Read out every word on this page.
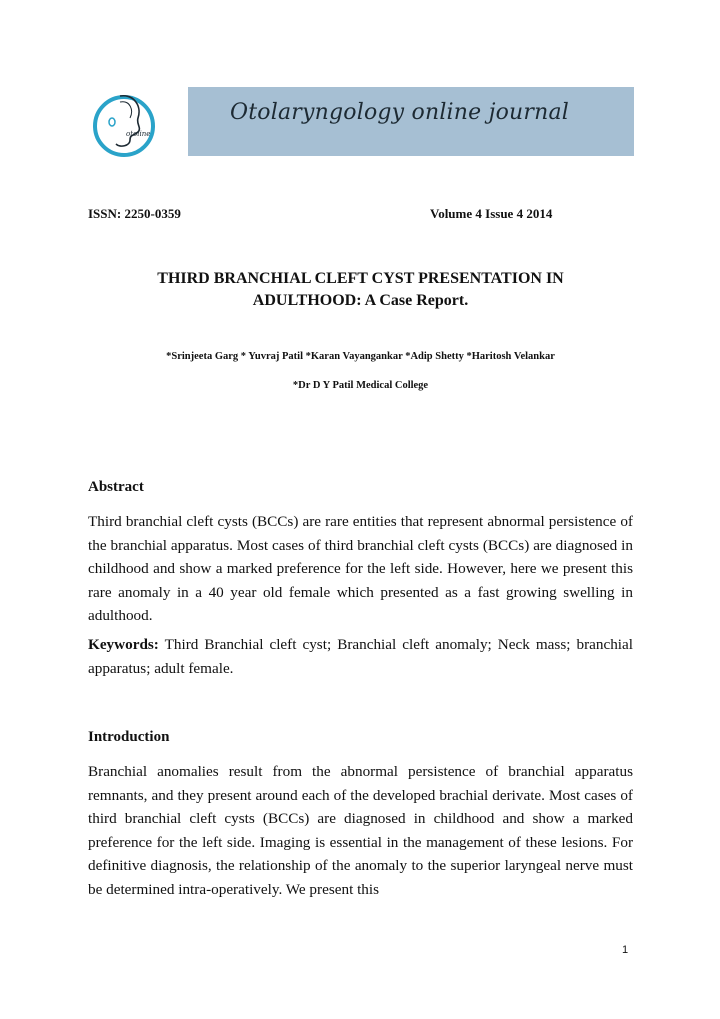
otoline
Otolaryngology online journal
ISSN: 2250-0359	Volume 4 Issue 4 2014
THIRD BRANCHIAL CLEFT CYST PRESENTATION IN
ADULTHOOD: A Case Report.
*Srinjeeta Garg * Yuvraj Patil *Karan Vayangankar *Adip Shetty *Haritosh Velankar
*Dr D Y Patil Medical College
Abstract

Third branchial cleft cysts (BCCs) are rare entities that represent abnormal persistence of the branchial apparatus. Most cases of third branchial cleft cysts (BCCs) are diagnosed in childhood and show a marked preference for the left side. However, here we present this rare anomaly in a 40 year old female which presented as a fast growing swelling in adulthood.

Keywords: Third Branchial cleft cyst; Branchial cleft anomaly; Neck mass; branchial apparatus; adult female.

Introduction

Branchial anomalies result from the abnormal persistence of branchial apparatus remnants, and they present around each of the developed brachial derivate. Most cases of third branchial cleft cysts (BCCs) are diagnosed in childhood and show a marked preference for the left side. Imaging is essential in the management of these lesions. For definitive diagnosis, the relationship of the anomaly to the superior laryngeal nerve must be determined intra-operatively. We present this

1
